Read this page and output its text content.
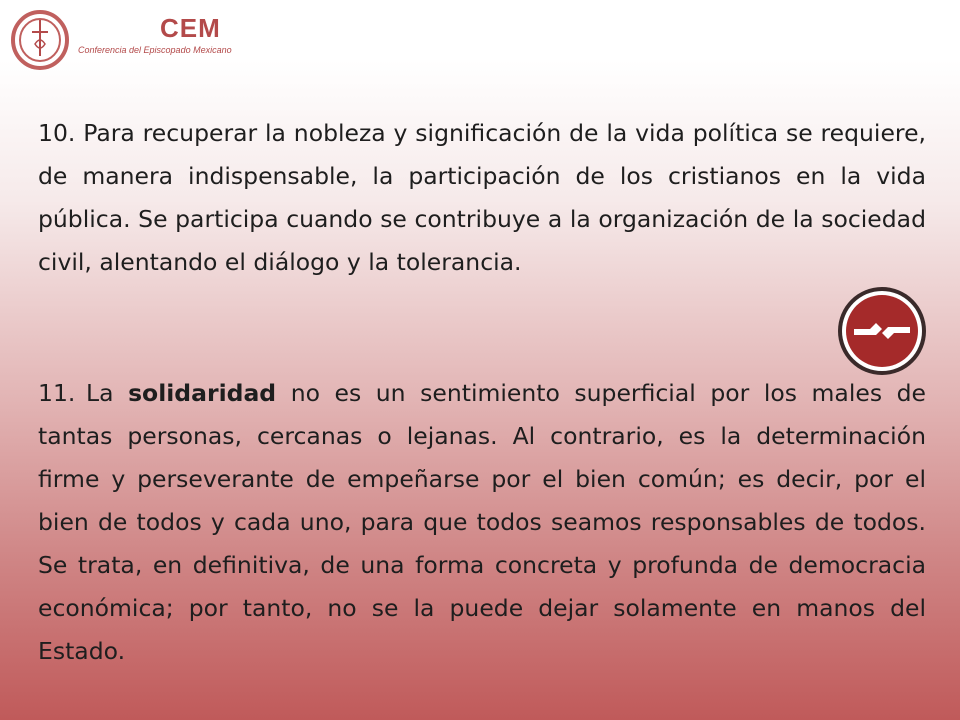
CEM
Conferencia del Episcopado Mexicano

10. Para recuperar la nobleza y significación de la vida política se requiere, de manera indispensable, la participación de los cristianos en la vida pública. Se participa cuando se contribuye a la organización de la sociedad civil, alentando el diálogo y la tolerancia.

11. La solidaridad no es un sentimiento superficial por los males de tantas personas, cercanas o lejanas. Al contrario, es la determinación firme y perseverante de empeñarse por el bien común; es decir, por el bien de todos y cada uno, para que todos seamos responsables de todos. Se trata, en definitiva, de una forma concreta y profunda de democracia económica; por tanto, no se la puede dejar solamente en manos del Estado.
